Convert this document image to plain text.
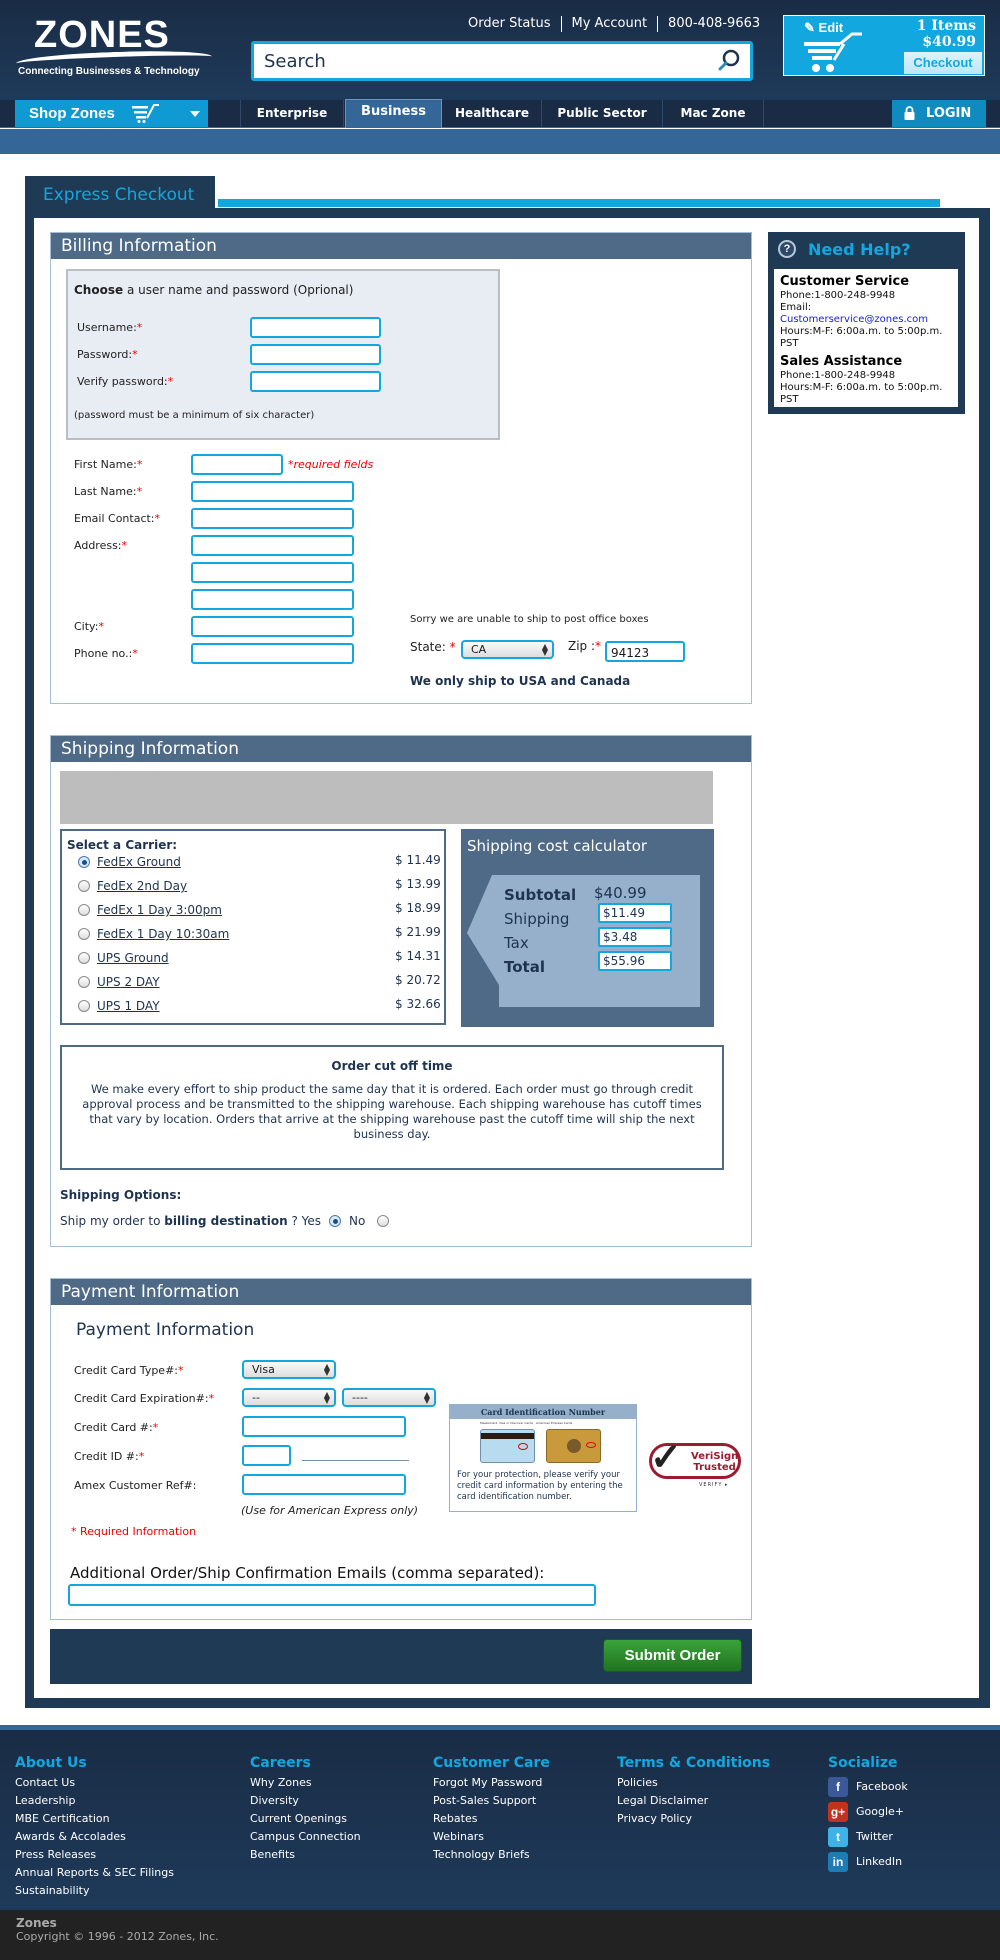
ZONES
Connecting Businesses & Technology
Order Status	My Account	800-408-9663
Search
✎ Edit	1 Items
$40.99
Checkout
Shop Zones	Enterprise	Business	Healthcare	Public Sector	Mac Zone	LOGIN
Express Checkout
Billing Information
Choose a user name and password (Oprional)
Username:*
Password:*
Verify password:*
(password must be a minimum of six character)
First Name:*	*required fields
Last Name:*
Email Contact:*
Address:*
City:*
Phone no.:*
Sorry we are unable to ship to post office boxes
State: *	CA ▲ ▼	Zip :* 94123
We only ship to USA and Canada
?	Need Help?
Customer Service
Phone:1-800-248-9948
Email:
Customerservice@zones.com
Hours:M-F: 6:00a.m. to 5:00p.m. PST
Sales Assistance
Phone:1-800-248-9948
Hours:M-F: 6:00a.m. to 5:00p.m. PST
Shipping Information
Select a Carrier:
FedEx Ground	$ 11.49
FedEx 2nd Day	$ 13.99
FedEx 1 Day 3:00pm	$ 18.99
FedEx 1 Day 10:30am	$ 21.99
UPS Ground	$ 14.31
UPS 2 DAY	$ 20.72
UPS 1 DAY	$ 32.66
Shipping cost calculator
Subtotal $40.99
Shipping	$11.49
Tax	$3.48
Total	$55.96
Order cut off time
We make every effort to ship product the same day that it is ordered. Each order must go through credit approval process and be transmitted to the shipping warehouse. Each shipping warehouse has cutoff times that vary by location. Orders that arrive at the shipping warehouse past the cutoff time will ship the next business day.
Shipping Options:
Ship my order to billing destination ? Yes No
Payment Information
Payment Information
Credit Card Type#:*	Visa
▲ ▼
Credit Card Expiration#:*	-- ▲ ▼	----
▲ ▼
Credit Card #:*
Credit ID #:*
Amex Customer Ref#:
(Use for American Express only)
* Required Information
Card Identification Number
MasterCard, Visa or Discover Cards American Express Cards
For your protection, please verify your credit card information by entering the card identification number.
✓ VeriSign
Trusted
VERIFY ▸
Additional Order/Ship Confirmation Emails (comma separated):
Submit Order
About Us
Contact Us
Leadership
MBE Certification
Awards & Accolades
Press Releases
Annual Reports & SEC Filings
Sustainability
Careers
Why Zones
Diversity
Current Openings
Campus Connection
Benefits
Customer Care
Forgot My Password
Post-Sales Support
Rebates
Webinars
Technology Briefs
Terms & Conditions
Policies
Legal Disclaimer
Privacy Policy
Socialize
f	Facebook
g+ Google+
t	Twitter
in	LinkedIn
Zones
Copyright © 1996 - 2012 Zones, Inc.
